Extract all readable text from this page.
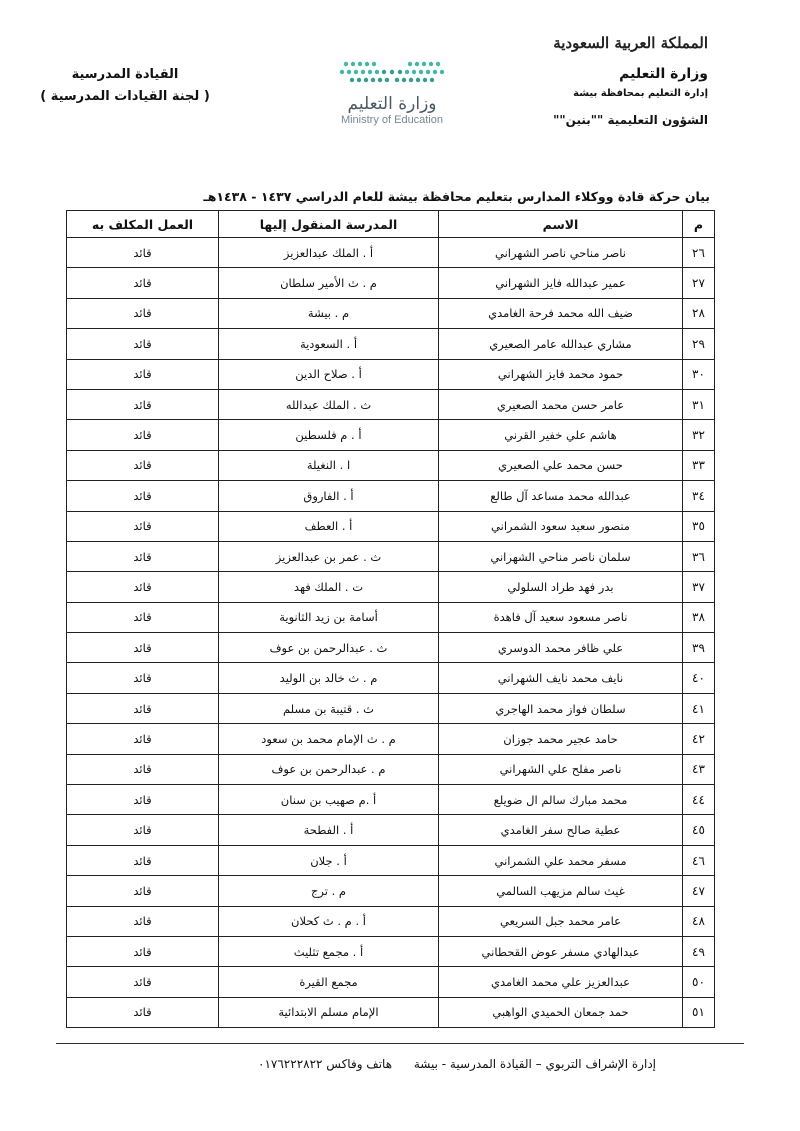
المملكة العربية السعودية
وزارة التعليم
إدارة التعليم بمحافظة بيشة
الشؤون التعليمية ""بنين""
وزارة التعليم
Ministry of Education
القيادة المدرسية
( لجنة القيادات المدرسية )
بيان حركة قادة ووكلاء المدارس بتعليم محافظة بيشة للعام الدراسي ١٤٣٧ - ١٤٣٨هـ
م	الاسم	المدرسة المنقول إليها	العمل المكلف به
٢٦	ناصر مناحي ناصر الشهراني	أ . الملك عبدالعزيز	قائد
٢٧	عمير عبدالله فايز الشهراني	م . ث الأمير سلطان	قائد
٢٨	ضيف الله محمد فرحة الغامدي	م . بيشة	قائد
٢٩	مشاري عبدالله عامر الصعيري	أ . السعودية	قائد
٣٠	حمود محمد فايز الشهراني	أ . صلاح الدين	قائد
٣١	عامر حسن محمد الصعيري	ث . الملك عبدالله	قائد
٣٢	هاشم علي خفير القرني	أ . م فلسطين	قائد
٣٣	حسن محمد علي الصعيري	ا . النغيلة	قائد
٣٤	عبدالله محمد مساعد آل طالع	أ . الفاروق	قائد
٣٥	منصور سعيد سعود الشمراني	أ . العطف	قائد
٣٦	سلمان ناصر مناحي الشهراني	ث . عمر بن عبدالعزيز	قائد
٣٧	بدر فهد طراد السلولي	ت . الملك فهد	قائد
٣٨	ناصر مسعود سعيد آل فاهدة	أسامة بن زيد الثانوية	قائد
٣٩	علي ظافر محمد الدوسري	ث . عبدالرحمن بن عوف	قائد
٤٠	نايف محمد نايف الشهراني	م . ث خالد بن الوليد	قائد
٤١	سلطان فواز محمد الهاجري	ث . قتيبة بن مسلم	قائد
٤٢	حامد عجير محمد جوزان	م . ث الإمام محمد بن سعود	قائد
٤٣	ناصر مفلح علي الشهراني	م . عبدالرحمن بن عوف	قائد
٤٤	محمد مبارك سالم ال ضويلع	أ .م صهيب بن سنان	قائد
٤٥	عطية صالح سفر الغامدي	أ . الفطحة	قائد
٤٦	مسفر محمد علي الشمراني	أ . جلان	قائد
٤٧	غيث سالم مزيهب السالمي	م . ترج	قائد
٤٨	عامر محمد جبل السريعي	أ . م . ث كحلان	قائد
٤٩	عبدالهادي مسفر عوض القحطاني	أ . مجمع تثليث	قائد
٥٠	عبدالعزيز علي محمد الغامدي	مجمع القيرة	قائد
٥١	حمد جمعان الحميدي الواهبي	الإمام مسلم الابتدائية	قائد
إدارة الإشراف التربوي – القيادة المدرسية - بيشة هاتف وفاكس ٠١٧٦٢٢٢٨٢٢
